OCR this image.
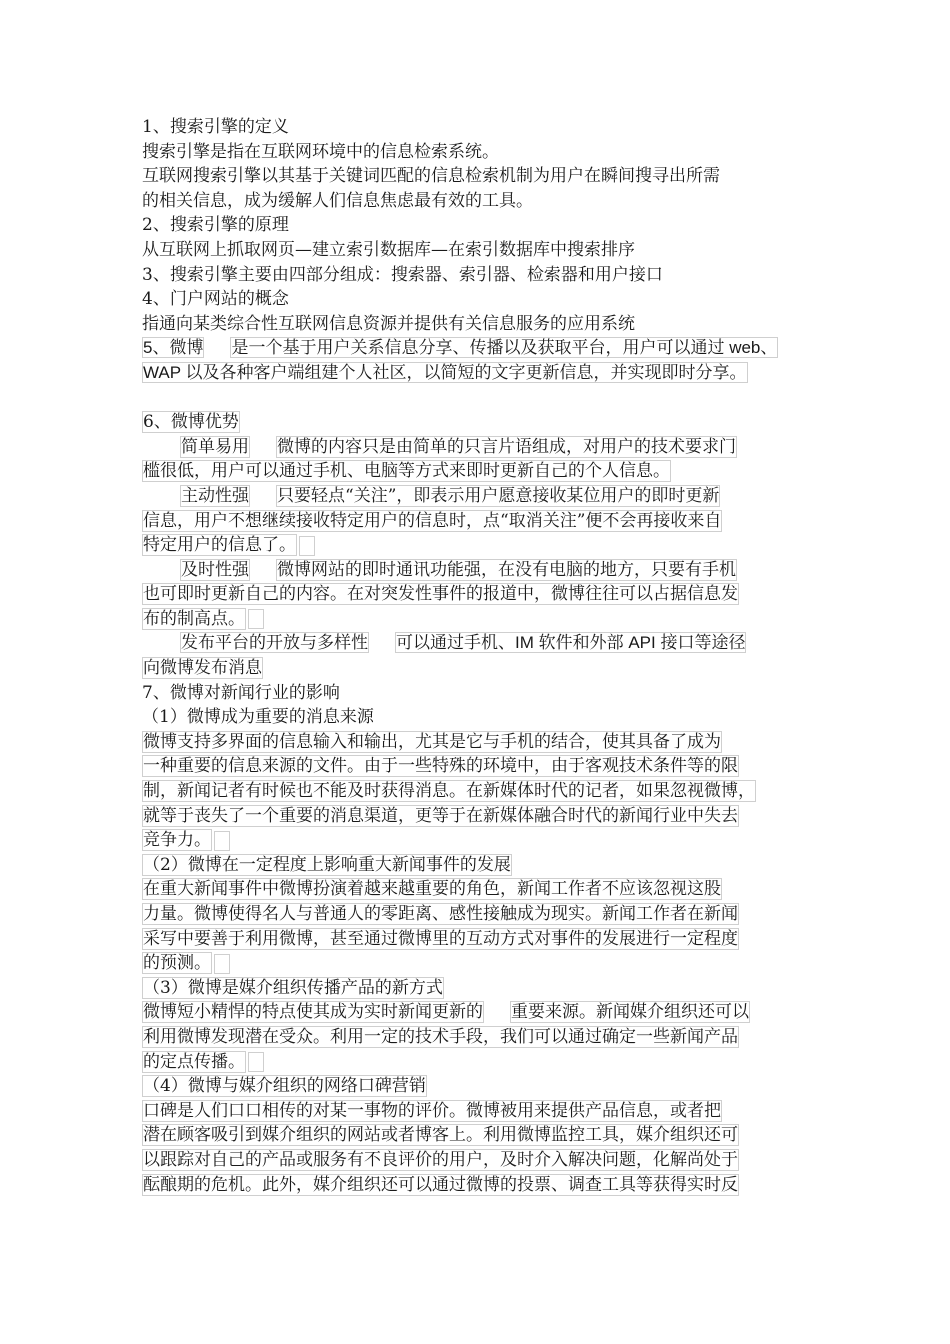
1、搜索引擎的定义
搜索引擎是指在互联网环境中的信息检索系统。
互联网搜索引擎以其基于关键词匹配的信息检索机制为用户在瞬间搜寻出所需
的相关信息，成为缓解人们信息焦虑最有效的工具。
2、搜索引擎的原理
从互联网上抓取网页—建立索引数据库—在索引数据库中搜索排序
3、搜索引擎主要由四部分组成：搜索器、索引器、检索器和用户接口
4、门户网站的概念
指通向某类综合性互联网信息资源并提供有关信息服务的应用系统
5、微博 是一个基于用户关系信息分享、传播以及获取平台，用户可以通过 web、
WAP 以及各种客户端组建个人社区，以简短的文字更新信息，并实现即时分享。
6、微博优势
简单易用 微博的内容只是由简单的只言片语组成，对用户的技术要求门
槛很低，用户可以通过手机、电脑等方式来即时更新自己的个人信息。
主动性强 只要轻点“关注”，即表示用户愿意接收某位用户的即时更新
信息，用户不想继续接收特定用户的信息时，点“取消关注”便不会再接收来自
特定用户的信息了。
及时性强 微博网站的即时通讯功能强，在没有电脑的地方，只要有手机
也可即时更新自己的内容。在对突发性事件的报道中，微博往往可以占据信息发
布的制高点。
发布平台的开放与多样性 可以通过手机、IM 软件和外部 API 接口等途径
向微博发布消息
7、微博对新闻行业的影响
（1）微博成为重要的消息来源
微博支持多界面的信息输入和输出，尤其是它与手机的结合，使其具备了成为
一种重要的信息来源的文件。由于一些特殊的环境中，由于客观技术条件等的限
制，新闻记者有时候也不能及时获得消息。在新媒体时代的记者，如果忽视微博，
就等于丧失了一个重要的消息渠道，更等于在新媒体融合时代的新闻行业中失去
竞争力。
（2）微博在一定程度上影响重大新闻事件的发展
在重大新闻事件中微博扮演着越来越重要的角色，新闻工作者不应该忽视这股
力量。微博使得名人与普通人的零距离、感性接触成为现实。新闻工作者在新闻
采写中要善于利用微博，甚至通过微博里的互动方式对事件的发展进行一定程度
的预测。
（3）微博是媒介组织传播产品的新方式
微博短小精悍的特点使其成为实时新闻更新的 重要来源。新闻媒介组织还可以
利用微博发现潜在受众。利用一定的技术手段，我们可以通过确定一些新闻产品
的定点传播。
（4）微博与媒介组织的网络口碑营销
口碑是人们口口相传的对某一事物的评价。微博被用来提供产品信息，或者把
潜在顾客吸引到媒介组织的网站或者博客上。利用微博监控工具，媒介组织还可
以跟踪对自己的产品或服务有不良评价的用户，及时介入解决问题，化解尚处于
酝酿期的危机。此外，媒介组织还可以通过微博的投票、调查工具等获得实时反
